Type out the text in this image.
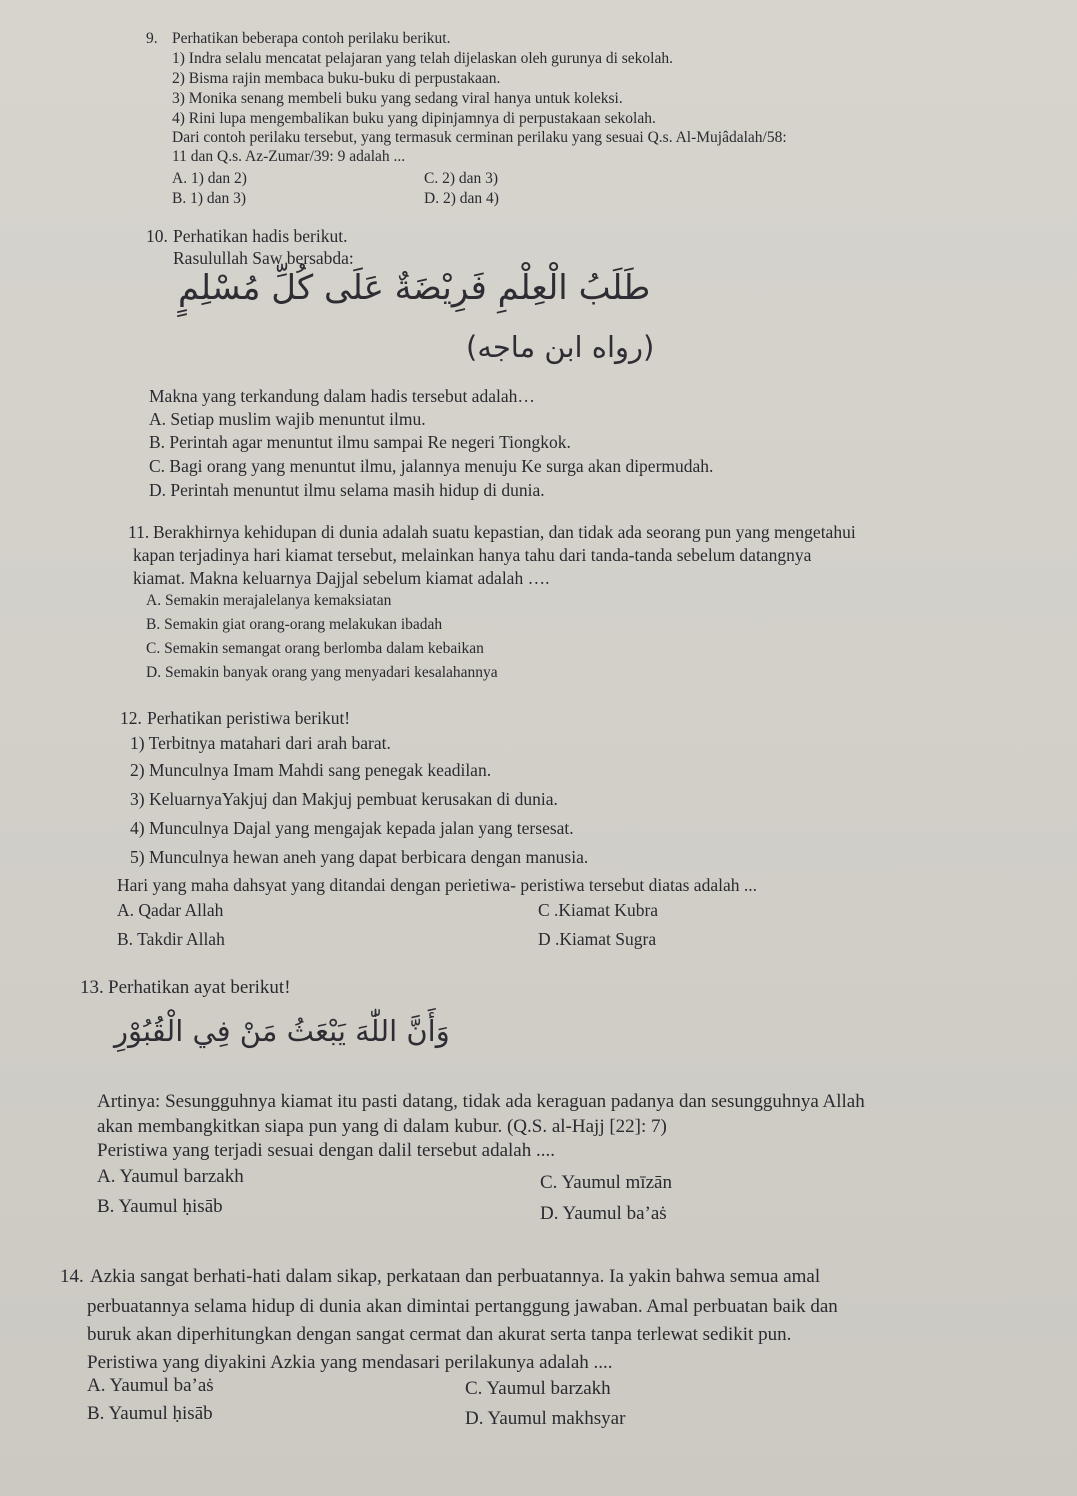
9. Perhatikan beberapa contoh perilaku berikut.
1) Indra selalu mencatat pelajaran yang telah dijelaskan oleh gurunya di sekolah.
2) Bisma rajin membaca buku-buku di perpustakaan.
3) Monika senang membeli buku yang sedang viral hanya untuk koleksi.
4) Rini lupa mengembalikan buku yang dipinjamnya di perpustakaan sekolah.
Dari contoh perilaku tersebut, yang termasuk cerminan perilaku yang sesuai Q.s. Al-Mujâdalah/58:
11 dan Q.s. Az-Zumar/39: 9 adalah ...
A. 1) dan 2)
B. 1) dan 3)
C. 2) dan 3)
D. 2) dan 4)
10. Perhatikan hadis berikut.
Rasulullah Saw bersabda:
طَلَبُ الْعِلْمِ فَرِيْضَةٌ عَلَى كُلِّ مُسْلِمٍ
(رواه ابن ماجه)
Makna yang terkandung dalam hadis tersebut adalah…
A. Setiap muslim wajib menuntut ilmu.
B. Perintah agar menuntut ilmu sampai Re negeri Tiongkok.
C. Bagi orang yang menuntut ilmu, jalannya menuju Ke surga akan dipermudah.
D. Perintah menuntut ilmu selama masih hidup di dunia.
11. Berakhirnya kehidupan di dunia adalah suatu kepastian, dan tidak ada seorang pun yang mengetahui
kapan terjadinya hari kiamat tersebut, melainkan hanya tahu dari tanda-tanda sebelum datangnya
kiamat. Makna keluarnya Dajjal sebelum kiamat adalah ….
A. Semakin merajalelanya kemaksiatan
B. Semakin giat orang-orang melakukan ibadah
C. Semakin semangat orang berlomba dalam kebaikan
D. Semakin banyak orang yang menyadari kesalahannya
12. Perhatikan peristiwa berikut!
1) Terbitnya matahari dari arah barat.
2) Munculnya Imam Mahdi sang penegak keadilan.
3) KeluarnyaYakjuj dan Makjuj pembuat kerusakan di dunia.
4) Munculnya Dajal yang mengajak kepada jalan yang tersesat.
5) Munculnya hewan aneh yang dapat berbicara dengan manusia.
Hari yang maha dahsyat yang ditandai dengan perietiwa- peristiwa tersebut diatas adalah ...
A. Qadar Allah
B. Takdir Allah
C .Kiamat Kubra
D .Kiamat Sugra
13. Perhatikan ayat berikut!
وَأَنَّ اللّٰهَ يَبْعَثُ مَنْ فِي الْقُبُوْرِ
Artinya: Sesungguhnya kiamat itu pasti datang, tidak ada keraguan padanya dan sesungguhnya Allah
akan membangkitkan siapa pun yang di dalam kubur. (Q.S. al-Hajj [22]: 7)
Peristiwa yang terjadi sesuai dengan dalil tersebut adalah ....
A. Yaumul barzakh
B. Yaumul ḥisāb
C. Yaumul mīzān
D. Yaumul ba’aṡ
14. Azkia sangat berhati-hati dalam sikap, perkataan dan perbuatannya. Ia yakin bahwa semua amal
perbuatannya selama hidup di dunia akan dimintai pertanggung jawaban. Amal perbuatan baik dan
buruk akan diperhitungkan dengan sangat cermat dan akurat serta tanpa terlewat sedikit pun.
Peristiwa yang diyakini Azkia yang mendasari perilakunya adalah ....
A. Yaumul ba’aṡ
B. Yaumul ḥisāb
C. Yaumul barzakh
D. Yaumul makhsyar
